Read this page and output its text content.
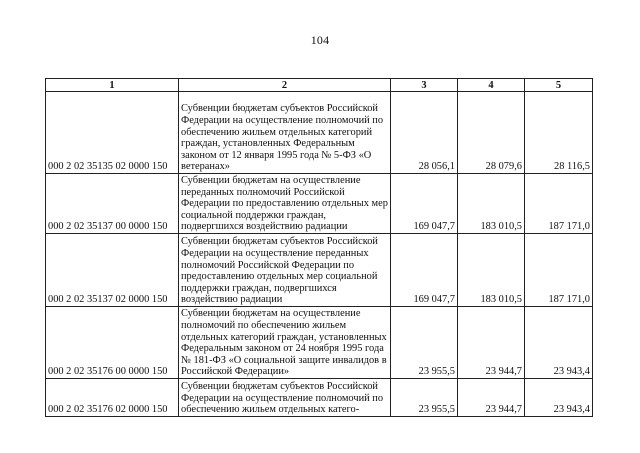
104
1	2	3	4	5
000 2 02 35135 02 0000 150	Субвенции бюджетам субъектов Российской Федерации на осуществление полномочий по обеспечению жильем отдельных категорий граждан, установленных Федеральным законом от 12 января 1995 года № 5-ФЗ «О ветеранах»	28 056,1	28 079,6	28 116,5
000 2 02 35137 00 0000 150	Субвенции бюджетам на осуществление переданных полномочий Российской Федерации по предоставлению отдельных мер социальной поддержки граждан, подвергшихся воздействию радиации	169 047,7	183 010,5	187 171,0
000 2 02 35137 02 0000 150	Субвенции бюджетам субъектов Российской Федерации на осуществление переданных полномочий Российской Федерации по предоставлению отдельных мер социальной поддержки граждан, подвергшихся воздействию радиации	169 047,7	183 010,5	187 171,0
000 2 02 35176 00 0000 150	Субвенции бюджетам на осуществление полномочий по обеспечению жильем отдельных категорий граждан, установленных Федеральным законом от 24 ноября 1995 года № 181-ФЗ «О социальной защите инвалидов в Российской Федерации»	23 955,5	23 944,7	23 943,4
000 2 02 35176 02 0000 150	Субвенции бюджетам субъектов Российской Федерации на осуществление полномочий по обеспечению жильем отдельных катего-	23 955,5	23 944,7	23 943,4
